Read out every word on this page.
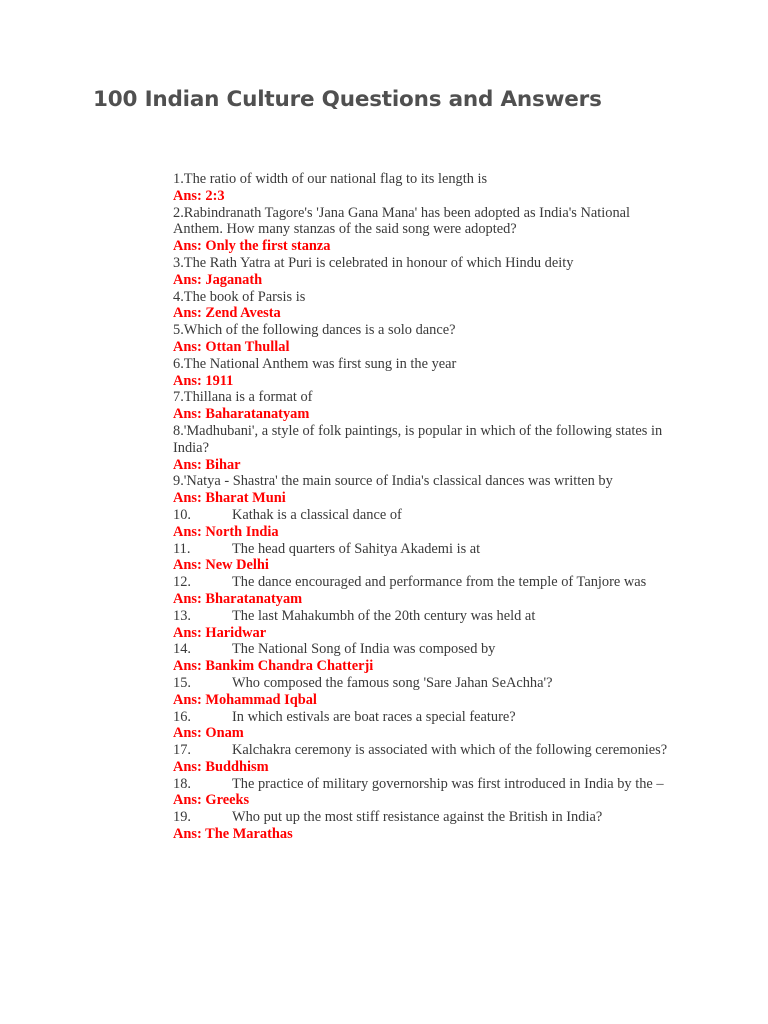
100 Indian Culture Questions and Answers
1.The ratio of width of our national flag to its length is
Ans: 2:3
2.Rabindranath Tagore's 'Jana Gana Mana' has been adopted as India's National Anthem. How many stanzas of the said song were adopted?
Ans: Only the first stanza
3.The Rath Yatra at Puri is celebrated in honour of which Hindu deity
Ans: Jaganath
4.The book of Parsis is
Ans: Zend Avesta
5.Which of the following dances is a solo dance?
Ans: Ottan Thullal
6.The National Anthem was first sung in the year
Ans: 1911
7.Thillana is a format of
Ans: Baharatanatyam
8.'Madhubani', a style of folk paintings, is popular in which of the following states in India?
Ans: Bihar
9.'Natya - Shastra' the main source of India's classical dances was written by
Ans: Bharat Muni
10.	Kathak is a classical dance of
Ans: North India
11.	The head quarters of Sahitya Akademi is at
Ans: New Delhi
12.	The dance encouraged and performance from the temple of Tanjore was
Ans: Bharatanatyam
13.	The last Mahakumbh of the 20th century was held at
Ans: Haridwar
14.	The National Song of India was composed by
Ans: Bankim Chandra Chatterji
15.	Who composed the famous song 'Sare Jahan SeAchha'?
Ans: Mohammad Iqbal
16.	In which estivals are boat races a special feature?
Ans: Onam
17.	Kalchakra ceremony is associated with which of the following ceremonies?
Ans: Buddhism
18.	The practice of military governorship was first introduced in India by the –
Ans: Greeks
19.	Who put up the most stiff resistance against the British in India?
Ans: The Marathas
